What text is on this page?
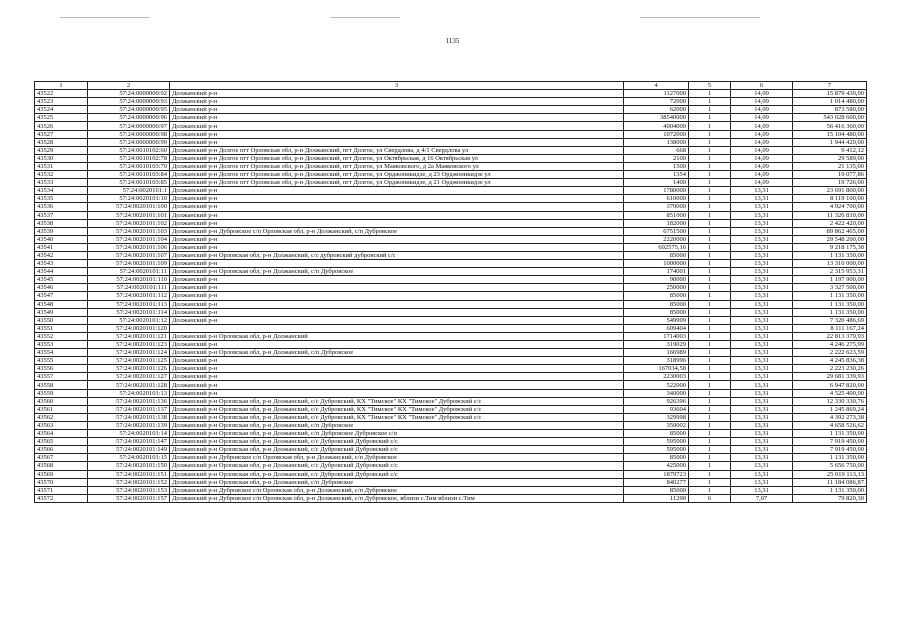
1135
1	2	3	4	5	6	7
43522	57:24:0000000:92	Должанский р-н	1127000	1	14,09	15 879 430,00
43523	57:24:0000000:93	Должанский р-н	72000	1	14,09	1 014 480,00
43524	57:24:0000000:95	Должанский р-н	62000	1	14,09	873 580,00
43525	57:24:0000000:96	Должанский р-н	38540000	1	14,09	543 028 600,00
43526	57:24:0000000:97	Должанский р-н	4004000	1	14,09	56 416 360,00
43527	57:24:0000000:98	Должанский р-н	1072000	1	14,09	15 104 480,00
43528	57:24:0000000:99	Должанский р-н	138000	1	14,09	1 944 420,00
43529	57:24:0010102:60	Должанский р-н Долгое пгт Орловская обл, р-н Должанский, пгт Долгое, ул Свердлова, д 4/1 Свердлова ул	668	1	14,09	9 412,12
43530	57:24:0010102:78	Должанский р-н Долгое пгт Орловская обл, р-н Должанский, пгт Долгое, ул Октябрьская, д 16 Октябрьская ул	2100	1	14,09	29 589,00
43531	57:24:0010103:70	Должанский р-н Долгое пгт Орловская обл, р-н Должанский, пгт Долгое, ул Маяковского, д 2а Маяковского ул	1500	1	14,09	21 135,00
43532	57:24:0010103:84	Должанский р-н Долгое пгт Орловская обл, р-н Должанский, пгт Долгое, ул Орджоникидзе, д 23 Орджоникидзе ул	1354	1	14,09	19 077,86
43533	57:24:0010103:85	Должанский р-н Долгое пгт Орловская обл, р-н Должанский, пгт Долгое, ул Орджоникидзе, д 21 Орджоникидзе ул	1400	1	14,09	19 726,00
43534	57:24:0020101:1	Должанский р-н	1780000	1	13,31	23 691 800,00
43535	57:24:0020101:10	Должанский р-н	610000	1	13,31	8 119 100,00
43536	57:24:0020101:100	Должанский р-н	370000	1	13,31	4 924 700,00
43537	57:24:0020101:101	Должанский р-н	851000	1	13,31	11 326 810,00
43538	57:24:0020101:102	Должанский р-н	182000	1	13,31	2 422 420,00
43539	57:24:0020101:103	Должанский р-н Дубровское с/п Орловская обл, р-н Должанский, с/п Дубровское	6751500	1	13,31	89 862 465,00
43540	57:24:0020101:104	Должанский р-н	2220000	1	13,31	29 548 200,00
43541	57:24:0020101:106	Должанский р-н	692575,16	1	13,31	9 218 175,38
43542	57:24:0020101:107	Должанский р-н Орловская обл, р-н Должанский, с/с дубровский дубровский с/с	85000	1	13,31	1 131 350,00
43543	57:24:0020101:109	Должанский р-н	1000000	1	13,31	13 310 000,00
43544	57:24:0020101:11	Должанский р-н Орловская обл, р-н Должанский, с/п Дубровское	174001	1	13,31	2 315 953,31
43545	57:24:0020101:110	Должанский р-н	90000	1	13,31	1 197 900,00
43546	57:24:0020101:111	Должанский р-н	250000	1	13,31	3 327 500,00
43547	57:24:0020101:112	Должанский р-н	85000	1	13,31	1 131 350,00
43548	57:24:0020101:113	Должанский р-н	85000	1	13,31	1 131 350,00
43549	57:24:0020101:114	Должанский р-н	85000	1	13,31	1 131 350,00
43550	57:24:0020101:12	Должанский р-н	549999	1	13,31	7 320 486,69
43551	57:24:0020101:120		609404	1	13,31	8 111 167,24
43552	57:24:0020101:121	Должанский р-н Орловская обл, р-н Должанский	1714003	1	13,31	22 813 379,93
43553	57:24:0020101:123	Должанский р-н	319029	1	13,31	4 246 275,99
43554	57:24:0020101:124	Должанский р-н Орловская обл, р-н Должанский, с/п Дубровское	166989	1	13,31	2 222 623,59
43555	57:24:0020101:125	Должанский р-н	318996	1	13,31	4 245 836,38
43556	57:24:0020101:126	Должанский р-н	167034,58	1	13,31	2 223 230,26
43557	57:24:0020101:127	Должанский р-н	2230003	1	13,31	29 681 339,93
43558	57:24:0020101:128	Должанский р-н	522000	1	13,31	6 947 820,00
43559	57:24:0020101:13	Должанский р-н	340000	1	13,31	4 525 400,00
43560	57:24:0020101:136	Должанский р-н Орловская обл, р-н Должанский, с/с Дубровский, КХ "Тимское" КХ "Тимское" Дубровский с/с	926396	1	13,31	12 330 330,76
43561	57:24:0020101:137	Должанский р-н Орловская обл, р-н Должанский, с/с Дубровский, КХ "Тимское" КХ "Тимское" Дубровский с/с	93604	1	13,31	1 245 869,24
43562	57:24:0020101:138	Должанский р-н Орловская обл, р-н Должанский, с/с Дубровский, КХ "Тимское" КХ "Тимское" Дубровский с/с	329998	1	13,31	4 392 273,38
43563	57:24:0020101:139	Должанский р-н Орловская обл, р-н Должанский, с/п Дубровское	350002	1	13,31	4 658 526,62
43564	57:24:0020101:14	Должанский р-н Орловская обл, р-н Должанский, с/п Дубровское Дубровское с/п	85000	1	13,31	1 131 350,00
43565	57:24:0020101:147	Должанский р-н Орловская обл, р-н Должанский, с/с Дубровский Дубровский с/с	595000	1	13,31	7 919 450,00
43566	57:24:0020101:149	Должанский р-н Орловская обл, р-н Должанский, с/с Дубровский Дубровский с/с	595000	1	13,31	7 919 450,00
43567	57:24:0020101:15	Должанский р-н Дубровское с/п Орловская обл, р-н Должанский, с/п Дубровское	85000	1	13,31	1 131 350,00
43568	57:24:0020101:150	Должанский р-н Орловская обл, р-н Должанский, с/с Дубровский Дубровский с/с	425000	1	13,31	5 656 750,00
43569	57:24:0020101:151	Должанский р-н Орловская обл, р-н Должанский, с/с Дубровский Дубровский с/с	1879723	1	13,31	25 019 113,13
43570	57:24:0020101:152	Должанский р-н Орловская обл, р-н Должанский, с/п Дубровское	840277	1	13,31	11 184 086,87
43571	57:24:0020101:153	Должанский р-н Дубровское с/п Орловская обл, р-н Должанский, с/п Дубровское	85000	1	13,31	1 131 350,00
43572	57:24:0020101:157	Должанский р-н Дубровское с/п Орловская обл, р-н Должанский, с/п Дубровское, вблизи с.Тим вблизи с.Тим	11290	6	7,07	79 820,30
